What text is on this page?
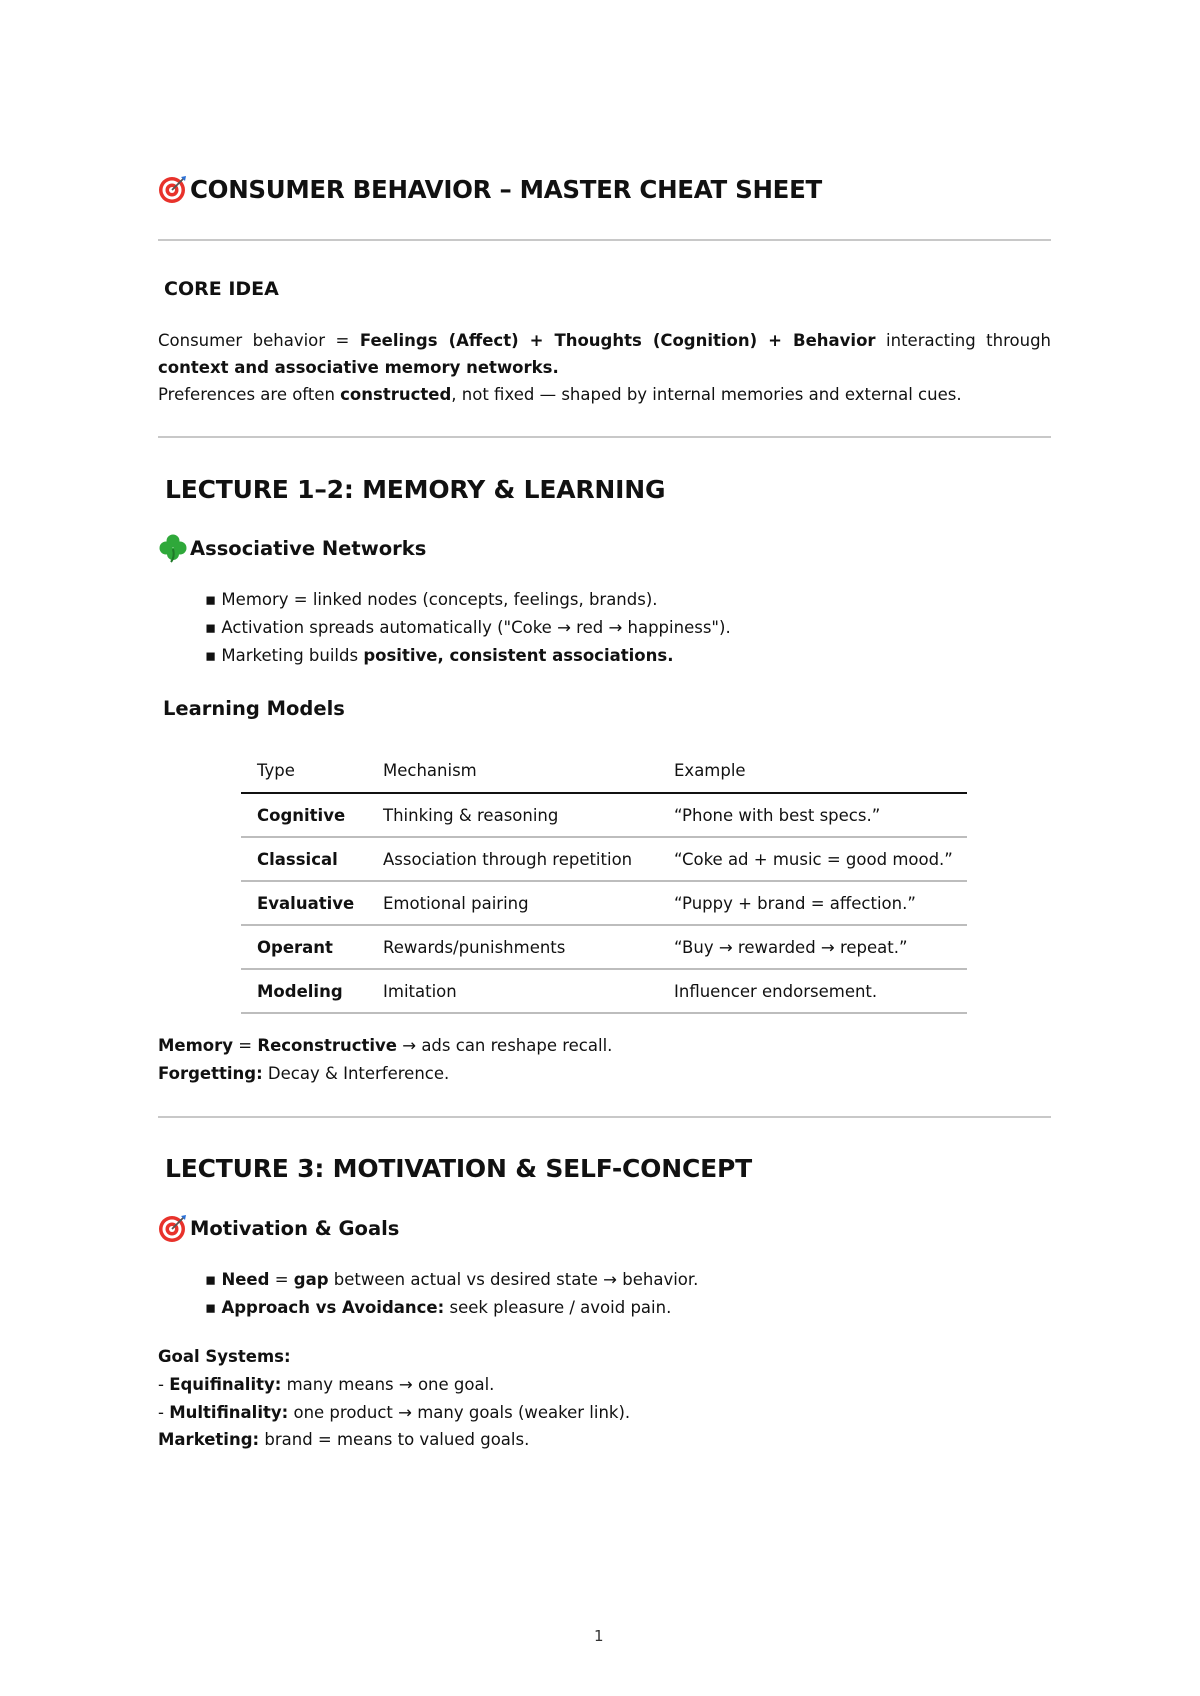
CONSUMER BEHAVIOR – MASTER CHEAT SHEET
CORE IDEA
Consumer behavior = Feelings (Affect) + Thoughts (Cognition) + Behavior interacting through
context and associative memory networks.
Preferences are often constructed, not fixed — shaped by internal memories and external cues.
LECTURE 1–2: MEMORY & LEARNING
Associative Networks
▪ Memory = linked nodes (concepts, feelings, brands).
▪ Activation spreads automatically ("Coke → red → happiness").
▪ Marketing builds positive, consistent associations.
Learning Models
Type	Mechanism	Example
Cognitive	Thinking & reasoning	“Phone with best specs.”
Classical	Association through repetition	“Coke ad + music = good mood.”
Evaluative	Emotional pairing	“Puppy + brand = affection.”
Operant	Rewards/punishments	“Buy → rewarded → repeat.”
Modeling	Imitation	Influencer endorsement.
Memory = Reconstructive → ads can reshape recall.
Forgetting: Decay & Interference.
LECTURE 3: MOTIVATION & SELF-CONCEPT
Motivation & Goals
▪ Need = gap between actual vs desired state → behavior.
▪ Approach vs Avoidance: seek pleasure / avoid pain.
Goal Systems:
- Equifinality: many means → one goal.
- Multifinality: one product → many goals (weaker link).
Marketing: brand = means to valued goals.
1
